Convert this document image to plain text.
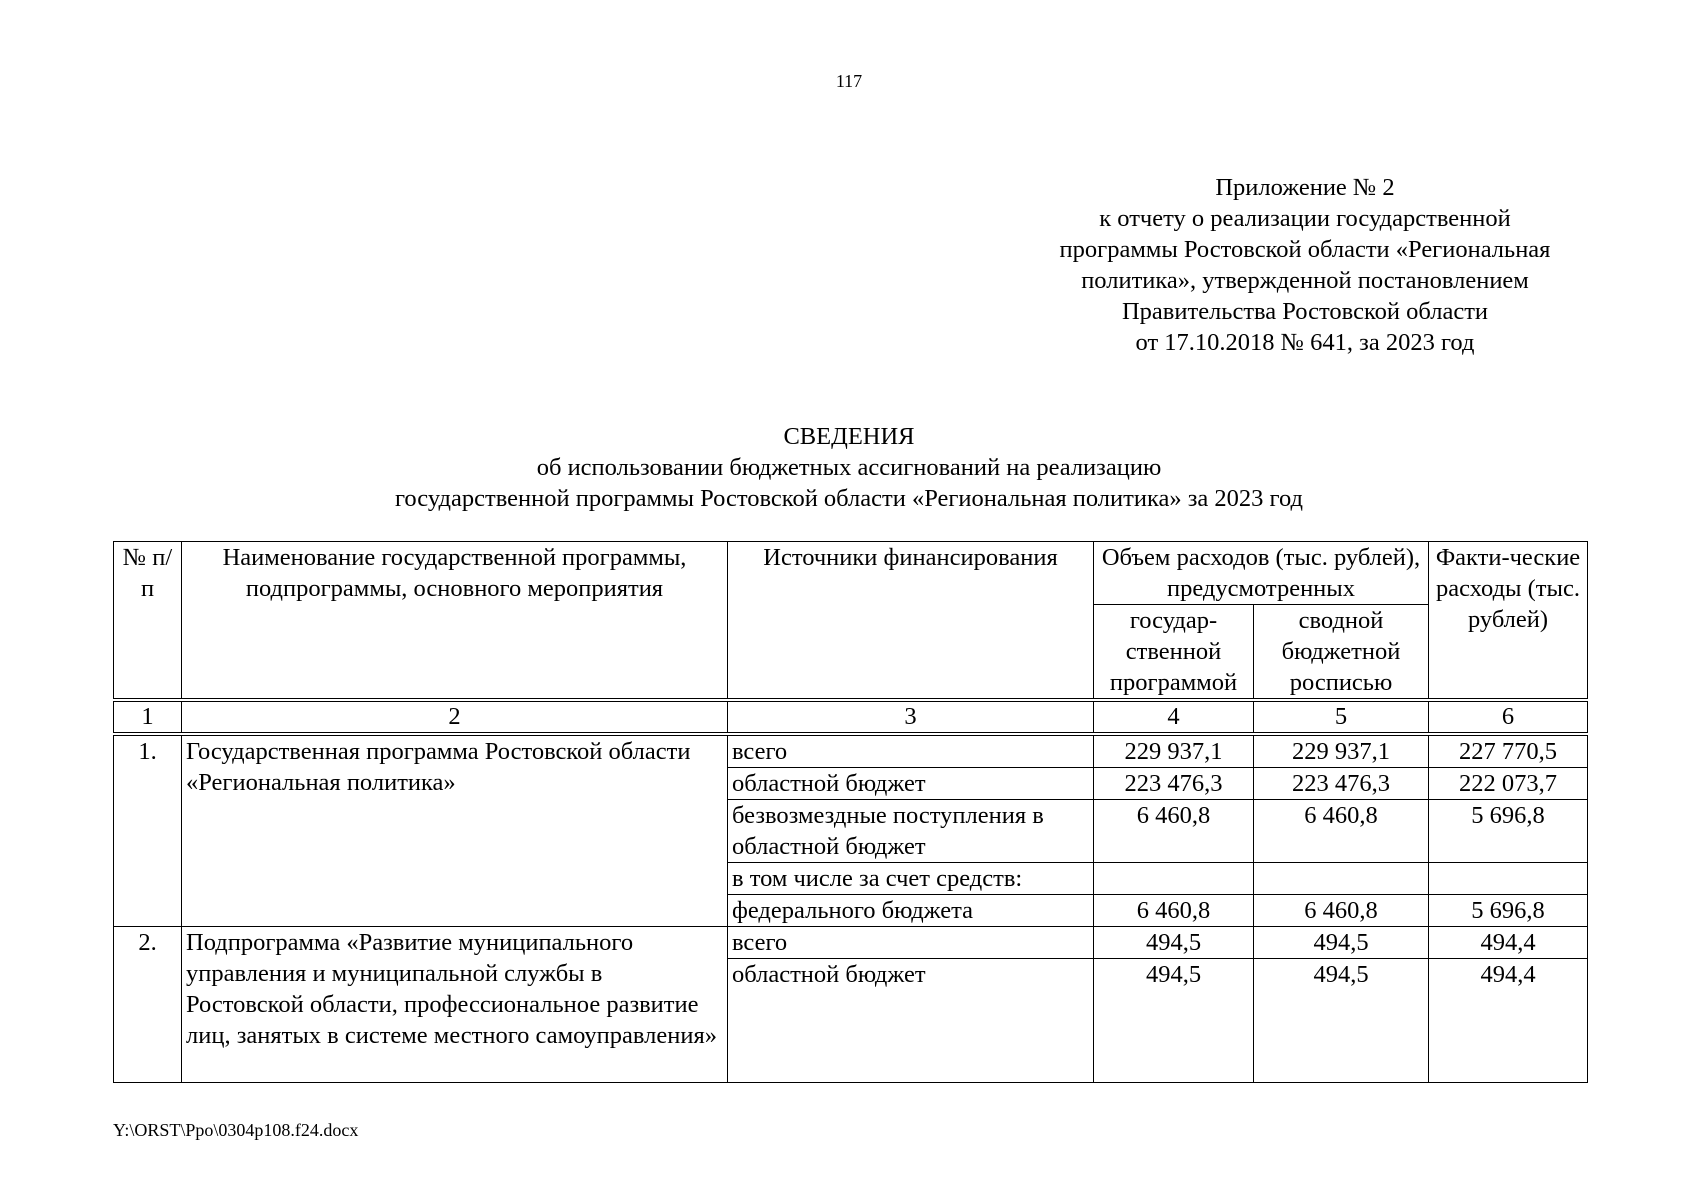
117
Приложение № 2
к отчету о реализации государственной
программы Ростовской области «Региональная
политика», утвержденной постановлением
Правительства Ростовской области
от 17.10.2018 № 641, за 2023 год
СВЕДЕНИЯ
об использовании бюджетных ассигнований на реализацию
государственной программы Ростовской области «Региональная политика» за 2023 год
№ п/п	Наименование государственной программы, подпрограммы, основного мероприятия	Источники финансирования	Объем расходов (тыс. рублей), предусмотренных		Факти-ческие расходы (тыс. рублей)
			государ-ственной программой	сводной бюджетной росписью	
1	2	3	4	5	6
1.	Государственная программа Ростовской области «Региональная политика»	всего	229 937,1	229 937,1	227 770,5
		областной бюджет	223 476,3	223 476,3	222 073,7
		безвозмездные поступления в областной бюджет	6 460,8	6 460,8	5 696,8
		в том числе за счет средств:			
		федерального бюджета	6 460,8	6 460,8	5 696,8
2.	Подпрограмма «Развитие муниципального управления и муниципальной службы в Ростовской области, профессиональное развитие лиц, занятых в системе местного самоуправления»	всего	494,5	494,5	494,4
		областной бюджет	494,5	494,5	494,4
Y:\ORST\Ppo\0304p108.f24.docx
